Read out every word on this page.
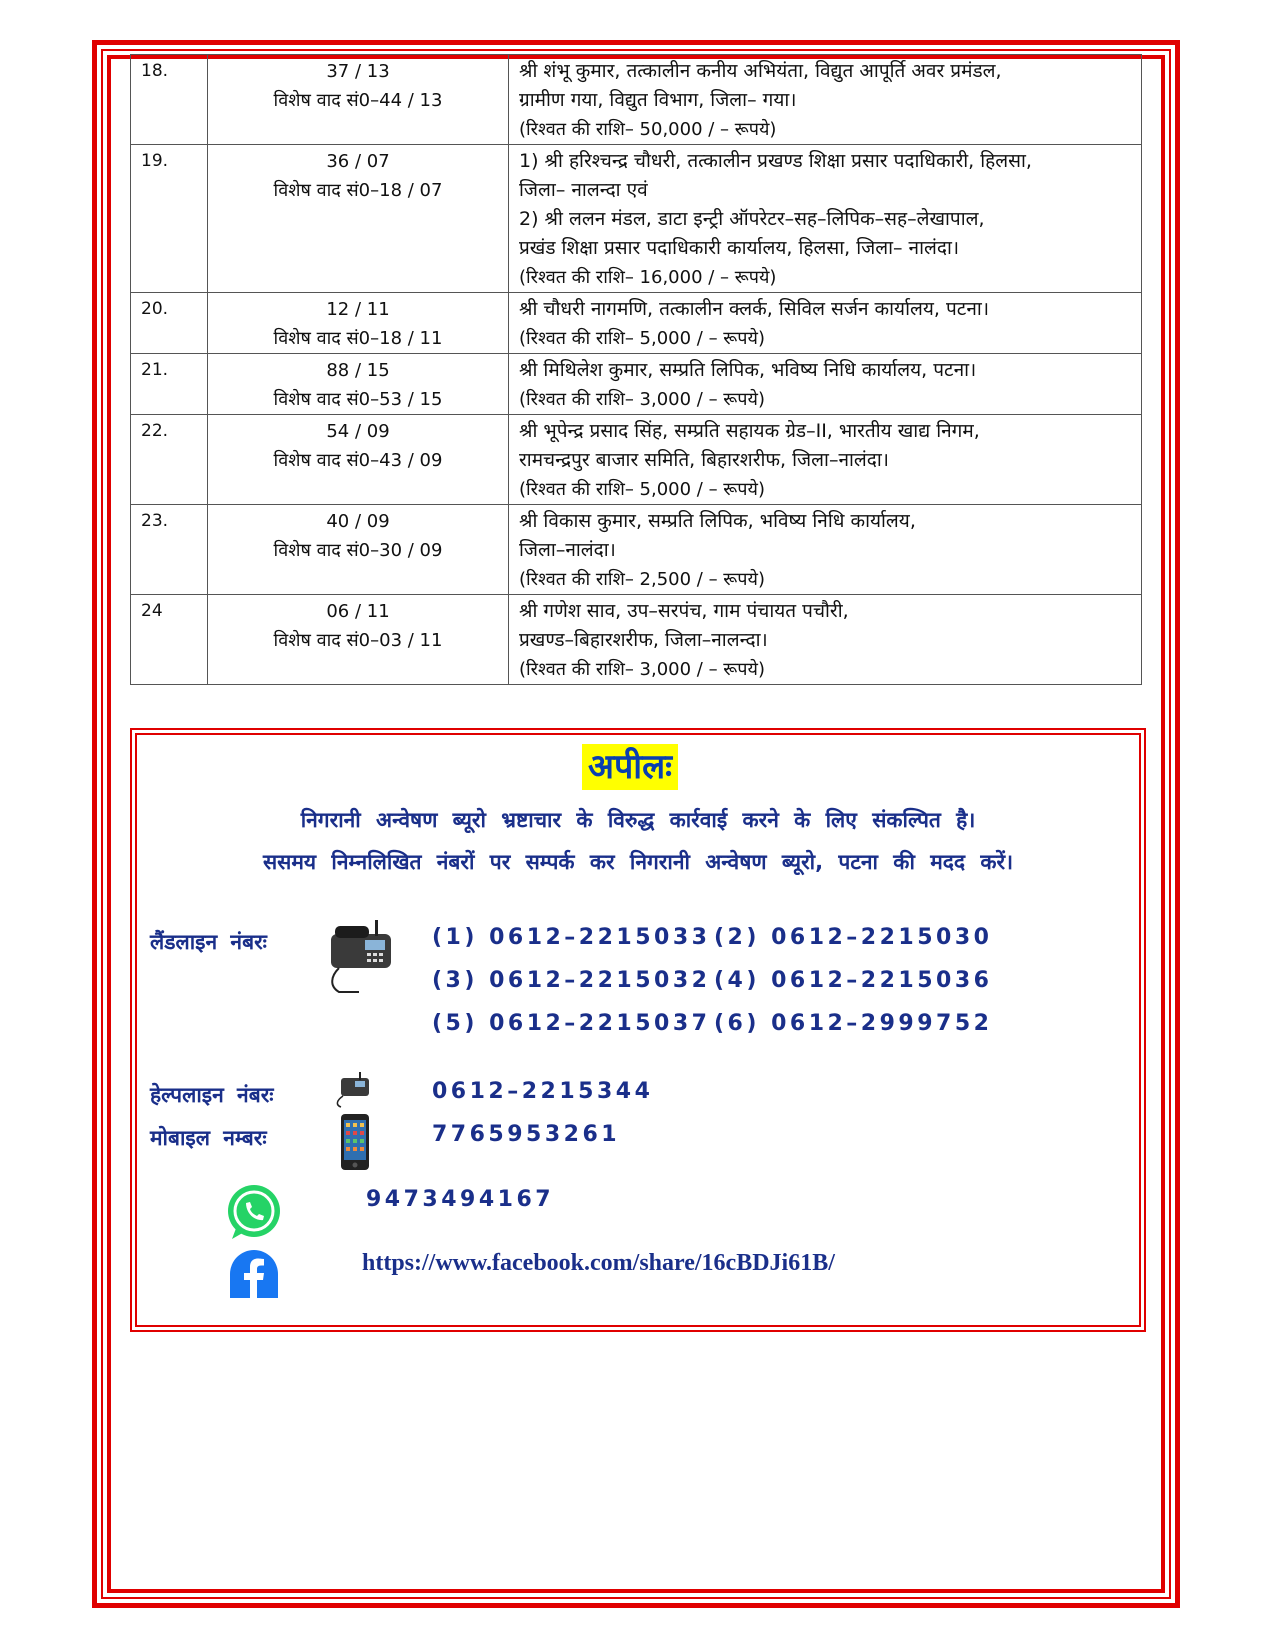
18.	37 / 13
विशेष वाद सं0–44 / 13	श्री शंभू कुमार, तत्कालीन कनीय अभियंता, विद्युत आपूर्ति अवर प्रमंडल,
ग्रामीण गया, विद्युत विभाग, जिला– गया।
(रिश्वत की राशि– 50,000 / – रूपये)

19.	36 / 07
विशेष वाद सं0–18 / 07	1) श्री हरिश्चन्द्र चौधरी, तत्कालीन प्रखण्ड शिक्षा प्रसार पदाधिकारी, हिलसा,
जिला– नालन्दा एवं
2) श्री ललन मंडल, डाटा इन्ट्री ऑपरेटर–सह–लिपिक–सह–लेखापाल,
प्रखंड शिक्षा प्रसार पदाधिकारी कार्यालय, हिलसा, जिला– नालंदा।
(रिश्वत की राशि– 16,000 / – रूपये)

20.	12 / 11
विशेष वाद सं0–18 / 11	श्री चौधरी नागमणि, तत्कालीन क्लर्क, सिविल सर्जन कार्यालय, पटना।
(रिश्वत की राशि– 5,000 / – रूपये)

21.	88 / 15
विशेष वाद सं0–53 / 15	श्री मिथिलेश कुमार, सम्प्रति लिपिक, भविष्य निधि कार्यालय, पटना।
(रिश्वत की राशि– 3,000 / – रूपये)

22.	54 / 09
विशेष वाद सं0–43 / 09	श्री भूपेन्द्र प्रसाद सिंह, सम्प्रति सहायक ग्रेड–II, भारतीय खाद्य निगम,
रामचन्द्रपुर बाजार समिति, बिहारशरीफ, जिला–नालंदा।
(रिश्वत की राशि– 5,000 / – रूपये)

23.	40 / 09
विशेष वाद सं0–30 / 09	श्री विकास कुमार, सम्प्रति लिपिक, भविष्य निधि कार्यालय,
जिला–नालंदा।
(रिश्वत की राशि– 2,500 / – रूपये)

24	06 / 11
विशेष वाद सं0–03 / 11	श्री गणेश साव, उप–सरपंच, गाम पंचायत पचौरी,
प्रखण्ड–बिहारशरीफ, जिला–नालन्दा।
(रिश्वत की राशि– 3,000 / – रूपये)
अपीलः
निगरानी अन्वेषण ब्यूरो भ्रष्टाचार के विरुद्ध कार्रवाई करने के लिए संकल्पित है।
ससमय निम्नलिखित नंबरों पर सम्पर्क कर निगरानी अन्वेषण ब्यूरो, पटना की मदद करें।
लैंडलाइन नंबरः	(1) 0612–2215033 (2) 0612–2215030
(3) 0612–2215032 (4) 0612–2215036
(5) 0612–2215037 (6) 0612–2999752
हेल्पलाइन नंबरः	0612–2215344
मोबाइल नम्बरः	7765953261
9473494167
https://www.facebook.com/share/16cBDJi61B/
